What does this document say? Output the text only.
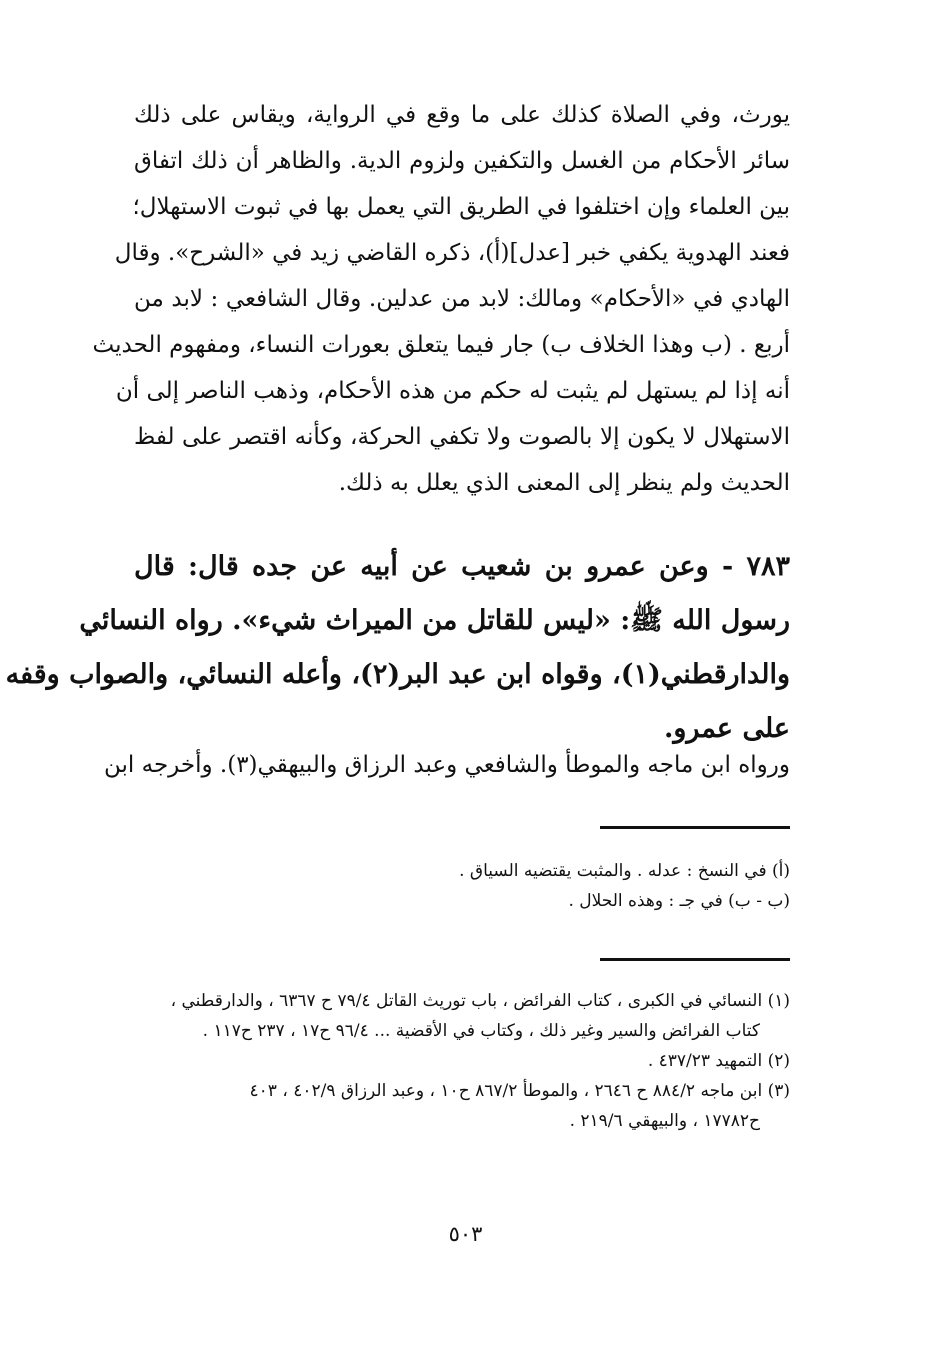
يورث، وفي الصلاة كذلك على ما وقع في الرواية، ويقاس على ذلك
سائر الأحكام من الغسل والتكفين ولزوم الدية. والظاهر أن ذلك اتفاق
بين العلماء وإن اختلفوا في الطريق التي يعمل بها في ثبوت الاستهلال؛
فعند الهدوية يكفي خبر [عدل](أ)، ذكره القاضي زيد في «الشرح». وقال
الهادي في «الأحكام» ومالك: لابد من عدلين. وقال الشافعي : لابد من
أربع . (ب وهذا الخلاف ب) جار فيما يتعلق بعورات النساء، ومفهوم الحديث
أنه إذا لم يستهل لم يثبت له حكم من هذه الأحكام، وذهب الناصر إلى أن
الاستهلال لا يكون إلا بالصوت ولا تكفي الحركة، وكأنه اقتصر على لفظ
الحديث ولم ينظر إلى المعنى الذي يعلل به ذلك.
٧٨٣ - وعن عمرو بن شعيب عن أبيه عن جده قال: قال
رسول الله ﷺ: «ليس للقاتل من الميراث شيء». رواه النسائي
والدارقطني(١)، وقواه ابن عبد البر(٢)، وأعله النسائي، والصواب وقفه
على عمرو.
ورواه ابن ماجه والموطأ والشافعي وعبد الرزاق والبيهقي(٣). وأخرجه ابن
(أ) في النسخ : عدله . والمثبت يقتضيه السياق .
(ب - ب) في جـ : وهذه الحلال .
(١) النسائي في الكبرى ، كتاب الفرائض ، باب توريث القاتل ٧٩/٤ ح ٦٣٦٧ ، والدارقطني ،
كتاب الفرائض والسير وغير ذلك ، وكتاب في الأقضية ... ٩٦/٤ ح١٧ ، ٢٣٧ ح١١٧ .
(٢) التمهيد ٤٣٧/٢٣ .
(٣) ابن ماجه ٨٨٤/٢ ح ٢٦٤٦ ، والموطأ ٨٦٧/٢ ح١٠ ، وعبد الرزاق ٤٠٢/٩ ، ٤٠٣
ح١٧٧٨٢ ، والبيهقي ٢١٩/٦ .
٥٠٣
